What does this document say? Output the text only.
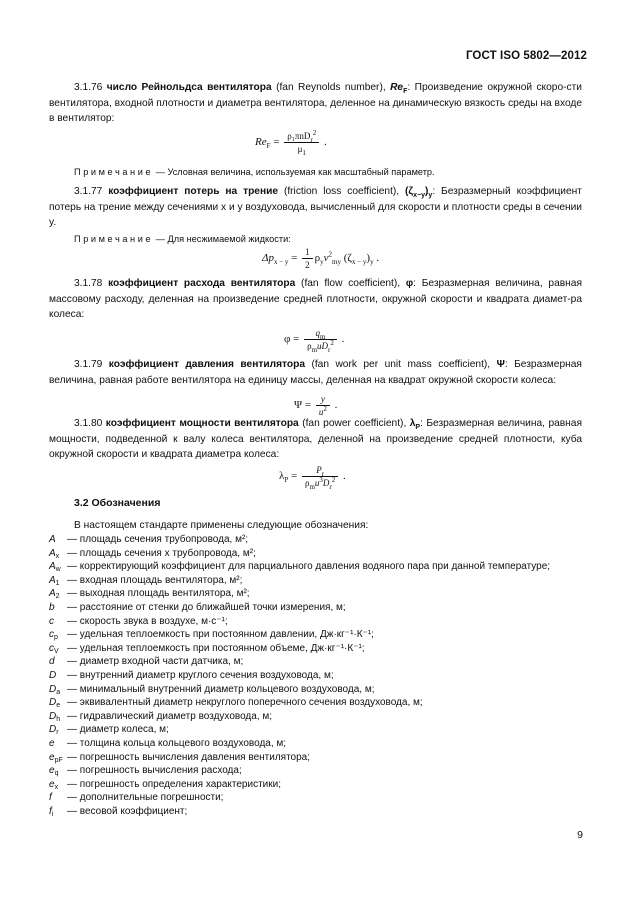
ГОСТ ISO 5802—2012
3.1.76 число Рейнольдса вентилятора (fan Reynolds number), $Re_F$: Произведение окружной скоро-сти вентилятора, входной плотности и диаметра вентилятора, деленное на динамическую вязкость среды на входе в вентилятор:
$Re_F = \frac{\rho_1\pi nD_r^2}{\mu_1}$ .
Примечание — Условная величина, используемая как масштабный параметр.
3.1.77 коэффициент потерь на трение (friction loss coefficient), $(\zeta_{x-y})_y$: Безразмерный коэффициент потерь на трение между сечениями x и y воздуховода, вычисленный для скорости и плотности среды в сечении y.
Примечание — Для несжимаемой жидкости:
$\Delta p_{x - y} = \frac{1}{2} \rho_yv^2_{my}$ $(\zeta_{x - y})_y$ .
3.1.78 коэффициент расхода вентилятора (fan flow coefficient), φ: Безразмерная величина, равная массовому расходу, деленная на произведение средней плотности, окружной скорости и квадрата диамет-ра колеса:
$\varphi = \frac{q_m}{\rho_muD_r^2}$ .
3.1.79 коэффициент давления вентилятора (fan work per unit mass coefficient), Ψ: Безразмерная величина, равная работе вентилятора на единицу массы, деленная на квадрат окружной скорости колеса:
$\Psi = \frac{y}{u^2}$ .
3.1.80 коэффициент мощности вентилятора (fan power coefficient), $\lambda_P$: Безразмерная величина, равная мощности, подведенной к валу колеса вентилятора, деленной на произведение средней плотности, куба окружной скорости и квадрата диаметра колеса:
$\lambda_P = \frac{P_r}{\rho_mu^3D_r^2}$ .
3.2 Обозначения
В настоящем стандарте применены следующие обозначения:
A — площадь сечения трубопровода, м²;
$A_x$ — площадь сечения x трубопровода, м²;
$A_w$ — корректирующий коэффициент для парциального давления водяного пара при данной температуре;
$A_1$ — входная площадь вентилятора, м²;
$A_2$ — выходная площадь вентилятора, м²;
b — расстояние от стенки до ближайшей точки измерения, м;
c — скорость звука в воздухе, м·с⁻¹;
$c_p$ — удельная теплоемкость при постоянном давлении, Дж·кг⁻¹·К⁻¹;
$c_V$ — удельная теплоемкость при постоянном объеме, Дж·кг⁻¹·К⁻¹;
d — диаметр входной части датчика, м;
D — внутренний диаметр круглого сечения воздуховода, м;
$D_a$ — минимальный внутренний диаметр кольцевого воздуховода, м;
$D_e$ — эквивалентный диаметр некруглого поперечного сечения воздуховода, м;
$D_h$ — гидравлический диаметр воздуховода, м;
$D_r$ — диаметр колеса, м;
e — толщина кольца кольцевого воздуховода, м;
$e_{pF}$ — погрешность вычисления давления вентилятора;
$e_q$ — погрешность вычисления расхода;
$e_x$ — погрешность определения характеристики;
f — дополнительные погрешности;
$f_i$ — весовой коэффициент;
9
